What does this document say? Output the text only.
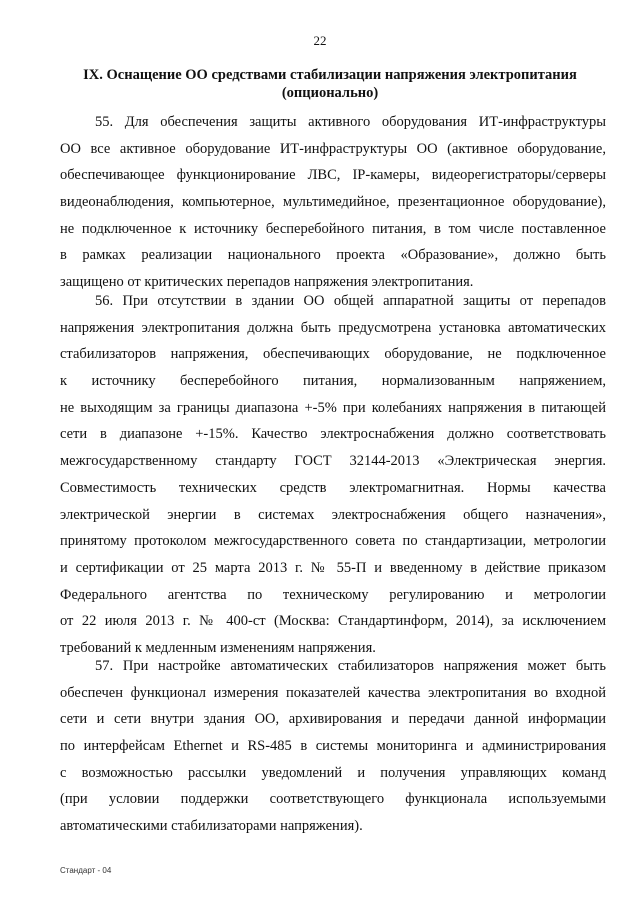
22
IX. Оснащение ОО средствами стабилизации напряжения электропитания
(опционально)
55. Для обеспечения защиты активного оборудования ИТ-инфраструктуры
ОО все активное оборудование ИТ-инфраструктуры ОО (активное оборудование,
обеспечивающее функционирование ЛВС, IP-камеры, видеорегистраторы/серверы
видеонаблюдения, компьютерное, мультимедийное, презентационное оборудование),
не подключенное к источнику бесперебойного питания, в том числе поставленное
в рамках реализации национального проекта «Образование», должно быть
защищено от критических перепадов напряжения электропитания.
56. При отсутствии в здании ОО общей аппаратной защиты от перепадов
напряжения электропитания должна быть предусмотрена установка автоматических
стабилизаторов напряжения, обеспечивающих оборудование, не подключенное
к источнику бесперебойного питания, нормализованным напряжением,
не выходящим за границы диапазона +-5% при колебаниях напряжения в питающей
сети в диапазоне +-15%. Качество электроснабжения должно соответствовать
межгосударственному стандарту ГОСТ 32144-2013 «Электрическая энергия.
Совместимость технических средств электромагнитная. Нормы качества
электрической энергии в системах электроснабжения общего назначения»,
принятому протоколом межгосударственного совета по стандартизации, метрологии
и сертификации от 25 марта 2013 г. № 55-П и введенному в действие приказом
Федерального агентства по техническому регулированию и метрологии
от 22 июля 2013 г. № 400-ст (Москва: Стандартинформ, 2014), за исключением
требований к медленным изменениям напряжения.
57. При настройке автоматических стабилизаторов напряжения может быть
обеспечен функционал измерения показателей качества электропитания во входной
сети и сети внутри здания ОО, архивирования и передачи данной информации
по интерфейсам Ethernet и RS-485 в системы мониторинга и администрирования
с возможностью рассылки уведомлений и получения управляющих команд
(при условии поддержки соответствующего функционала используемыми
автоматическими стабилизаторами напряжения).
Стандарт - 04
